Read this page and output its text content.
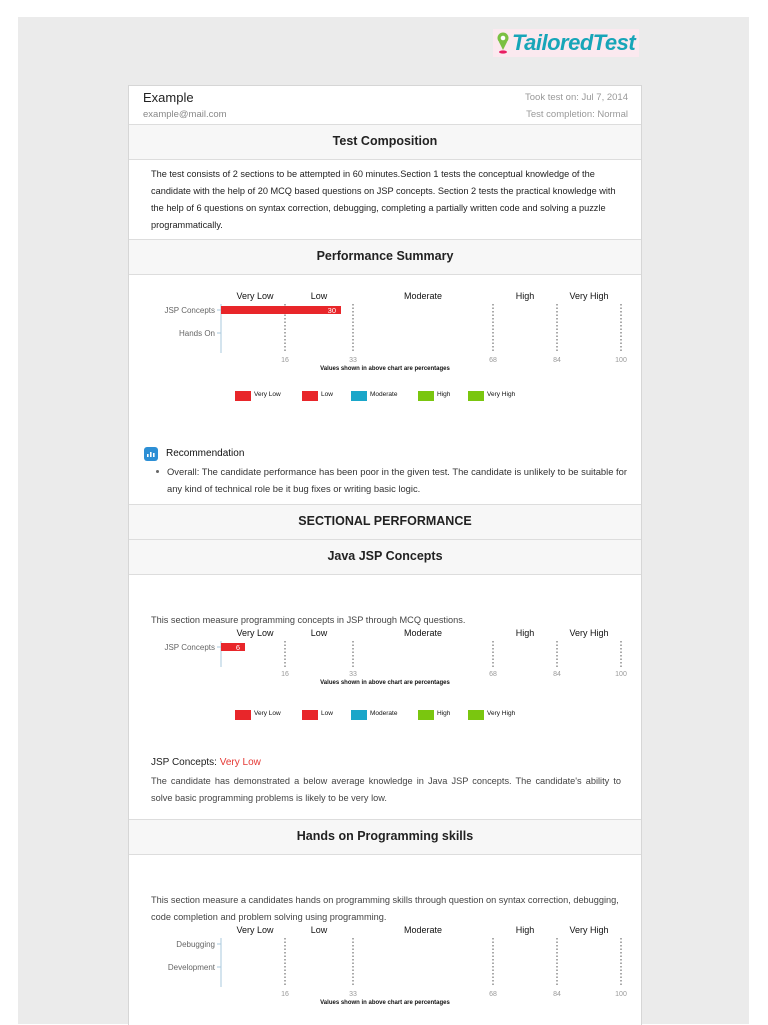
TailoredTest
Example
example@mail.com
Took test on: Jul 7, 2014
Test completion: Normal
Test Composition
The test consists of 2 sections to be attempted in 60 minutes.Section 1 tests the conceptual knowledge of the candidate with the help of 20 MCQ based questions on JSP concepts. Section 2 tests the practical knowledge with the help of 6 questions on syntax correction, debugging, completing a partially written code and solving a puzzle programmatically.
Performance Summary
Very Low	Low	Moderate	High	Very High
16	33	68	84	100
JSP Concepts	30
Hands On
Values shown in above chart are percentages
Very Low	Low	Moderate	High	Very High
Recommendation
Overall: The candidate performance has been poor in the given test. The candidate is unlikely to be suitable for any kind of technical role be it bug fixes or writing basic logic.
SECTIONAL PERFORMANCE
Java JSP Concepts
This section measure programming concepts in JSP through MCQ questions.
Very Low	Low	Moderate	High	Very High
16	33	68	84	100
JSP Concepts	6
Values shown in above chart are percentages
Very Low	Low	Moderate	High	Very High
JSP Concepts: Very Low
The candidate has demonstrated a below average knowledge in Java JSP concepts. The candidate's ability to solve basic programming problems is likely to be very low.
Hands on Programming skills
This section measure a candidates hands on programming skills through question on syntax correction, debugging, code completion and problem solving using programming.
Very Low	Low	Moderate	High	Very High
16	33	68	84	100
Debugging
Development
Values shown in above chart are percentages
